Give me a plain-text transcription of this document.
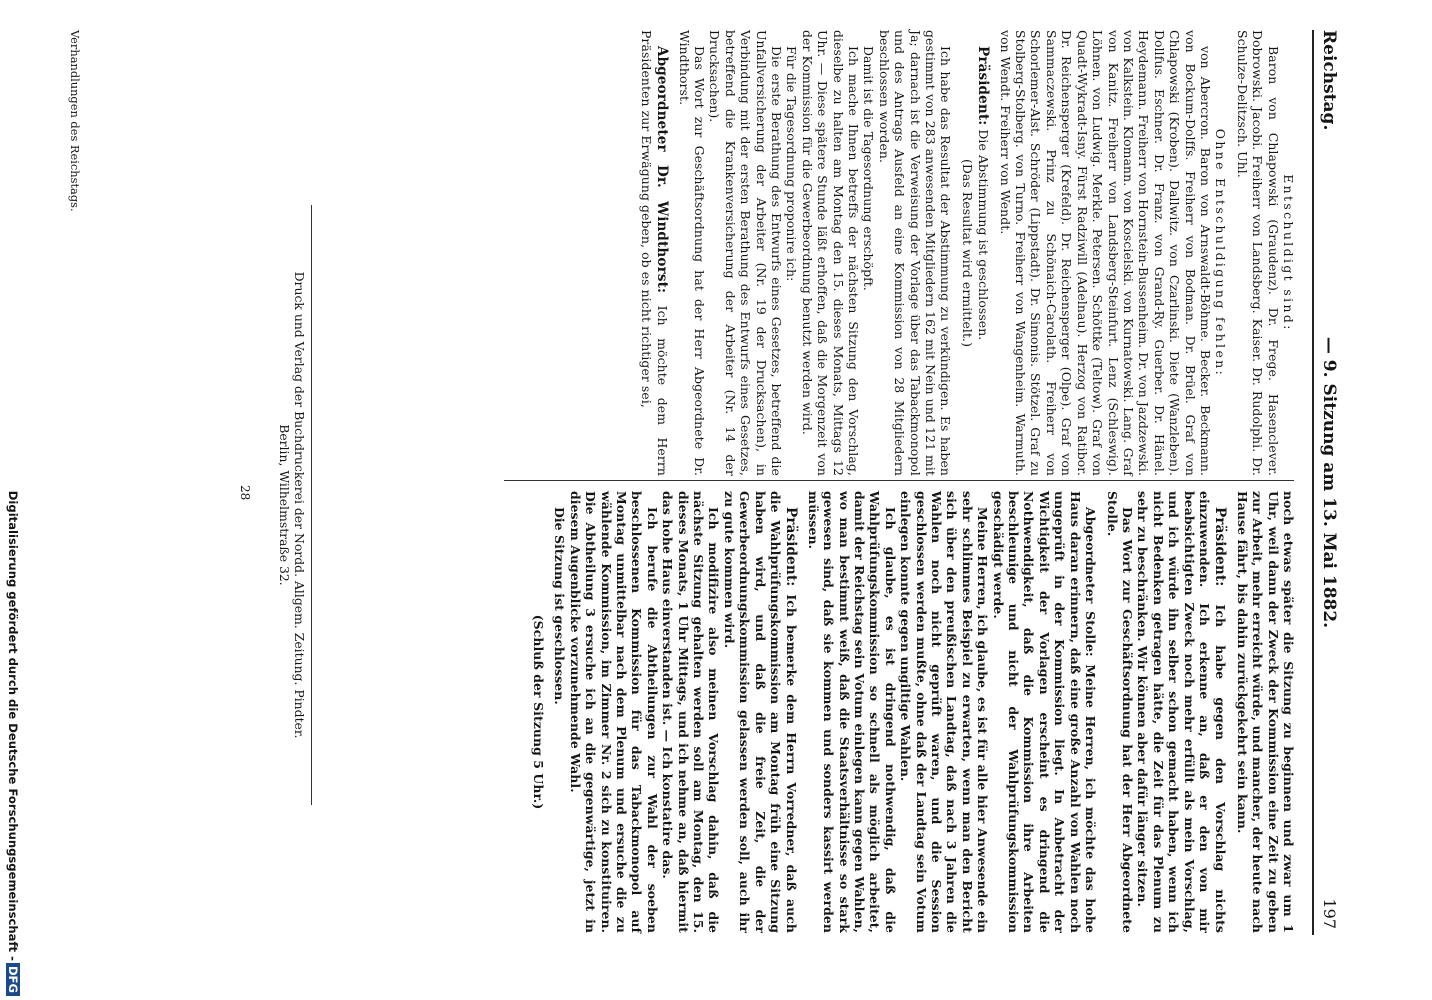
Reichstag.
— 9. Sitzung am 13. Mai 1882.
197

Entschuldigt sind:

Baron von Chlapowski (Graudenz). Dr. Frege. Hasenclever. Dobrowski. Jacobi. Freiherr von Landsberg. Kaiser. Dr. Rudolphi. Dr. Schulze-Delitzsch. Uhl.

Ohne Entschuldigung fehlen:

von Abercron. Baron von Arnswaldt-Böhme. Becker. Beckmann. von Bockum-Dolffs. Freiherr von Bodman. Dr. Brüel. Graf von Chlapowski (Kroben). Dallwitz. von Czarlinski. Diete (Wanzleben). Dollfus. Eschner. Dr. Franz. von Grand-Ry. Guerber. Dr. Hänel. Heydemann. Freiherr von Hornstein-Bussenheim. Dr. von Jazdzewski. von Kalkstein. Klomann. von Koscielski. von Kurnatowski. Lang. Graf von Kanitz. Freiherr von Landsberg-Steinfurt. Lenz (Schleswig). Löhnen. von Ludwig. Merkle. Petersen. Schöttke (Teltow). Graf von Quadt-Wykradt-Isny. Fürst Radziwill (Adelnau). Herzog von Ratibor. Dr. Reichensperger (Krefeld). Dr. Reichensperger (Olpe). Graf von Sammaczewski. Prinz zu Schönaich-Carolath. Freiherr von Schorlemer-Alst. Schröder (Lippstadt). Dr. Simonis. Stötzel. Graf zu Stolberg-Stolberg. von Turno. Freiherr von Wangenheim. Warmuth. von Wendt. Freiherr von Wendt.

Präsident: Die Abstimmung ist geschlossen.

(Das Resultat wird ermittelt.)

Ich habe das Resultat der Abstimmung zu verkündigen. Es haben gestimmt von 283 anwesenden Mitgliedern 162 mit Nein und 121 mit Ja; darnach ist die Verweisung der Vorlage über das Tabackmonopol und des Antrags Ausfeld an eine Kommission von 28 Mitgliedern beschlossen worden.

Damit ist die Tagesordnung erschöpft.

Ich mache Ihnen betreffs der nächsten Sitzung den Vorschlag, dieselbe zu halten am Montag den 15. dieses Monats, Mittags 12 Uhr. — Diese spätere Stunde läßt erhoffen, daß die Morgenzeit von der Kommission für die Gewerbeordnung benutzt werden wird.

Für die Tagesordnung proponire ich:

Die erste Berathung des Entwurfs eines Gesetzes, betreffend die Unfallversicherung der Arbeiter (Nr. 19 der Drucksachen), in Verbindung mit der ersten Berathung des Entwurfs eines Gesetzes, betreffend die Krankenversicherung der Arbeiter (Nr. 14 der Drucksachen).

Das Wort zur Geschäftsordnung hat der Herr Abgeordnete Dr. Windthorst.

Abgeordneter Dr. Windthorst: Ich möchte dem Herrn Präsidenten zur Erwägung geben, ob es nicht richtiger sei,

noch etwas später die Sitzung zu beginnen und zwar um 1 Uhr, weil dann der Zweck der Kommission eine Zeit zu geben zur Arbeit, mehr erreicht würde, und mancher, der heute nach Hause fährt, bis dahin zurückgekehrt sein kann.

Präsident: Ich habe gegen den Vorschlag nichts einzuwenden. Ich erkenne an, daß er den von mir beabsichtigten Zweck noch mehr erfüllt als mein Vorschlag, und ich würde ihn selber schon gemacht haben, wenn ich nicht Bedenken getragen hätte, die Zeit für das Plenum zu sehr zu beschränken. Wir können aber dafür länger sitzen.

Das Wort zur Geschäftsordnung hat der Herr Abgeordnete Stolle.

Abgeordneter Stolle: Meine Herren, ich möchte das hohe Haus daran erinnern, daß eine große Anzahl von Wahlen noch ungeprüft in der Kommission liegt. In Anbetracht der Wichtigkeit der Vorlagen erscheint es dringend die Nothwendigkeit, daß die Kommission ihre Arbeiten beschleunige und nicht der Wahlprüfungskommission geschädigt werde.

Meine Herren, ich glaube, es ist für alle hier Anwesende ein sehr schlimmes Beispiel zu erwarten, wenn man den Bericht sich über den preußischen Landtag, daß nach 3 Jahren die Wahlen noch nicht geprüft waren, und die Session geschlossen werden mußte, ohne daß der Landtag sein Votum einlegen konnte gegen ungiltige Wahlen.

Ich glaube, es ist dringend nothwendig, daß die Wahlprüfungskommission so schnell als möglich arbeitet, damit der Reichstag sein Votum einlegen kann gegen Wahlen, wo man bestimmt weiß, daß die Staatsverhältnisse so stark gewesen sind, daß sie kommen und sonders kassirt werden müssen.

Präsident: Ich bemerke dem Herrn Vorredner, daß auch die Wahlprüfungskommission am Montag früh eine Sitzung haben wird, und daß die freie Zeit, die der Gewerbeordnungskommission gelassen werden soll, auch ihr zu gute kommen wird.

Ich modifizire also meinen Vorschlag dahin, daß die nächste Sitzung gehalten werden soll am Montag, den 15. dieses Monats, 1 Uhr Mittags, und ich nehme an, daß hiermit das hohe Haus einverstanden ist. — Ich konstatire das.

Ich berufe die Abtheilungen zur Wahl der soeben beschlossenen Kommission für das Tabackmonopol auf Montag unmittelbar nach dem Plenum und ersuche die zu wählende Kommission, im Zimmer Nr. 2 sich zu konstituiren. Die Abtheilung 3 ersuche ich an die gegenwärtige, jetzt in diesem Augenblicke vorzunehmende Wahl.

Die Sitzung ist geschlossen.

(Schluß der Sitzung 5 Uhr.)

Druck und Verlag der Buchdruckerei der Nordd. Allgem. Zeitung. Pindter.
Berlin, Wilhelmstraße 32.
28
Verhandlungen des Reichstags.
Digitalisierung gefördert durch die Deutsche Forschungsgemeinschaft -DFG
